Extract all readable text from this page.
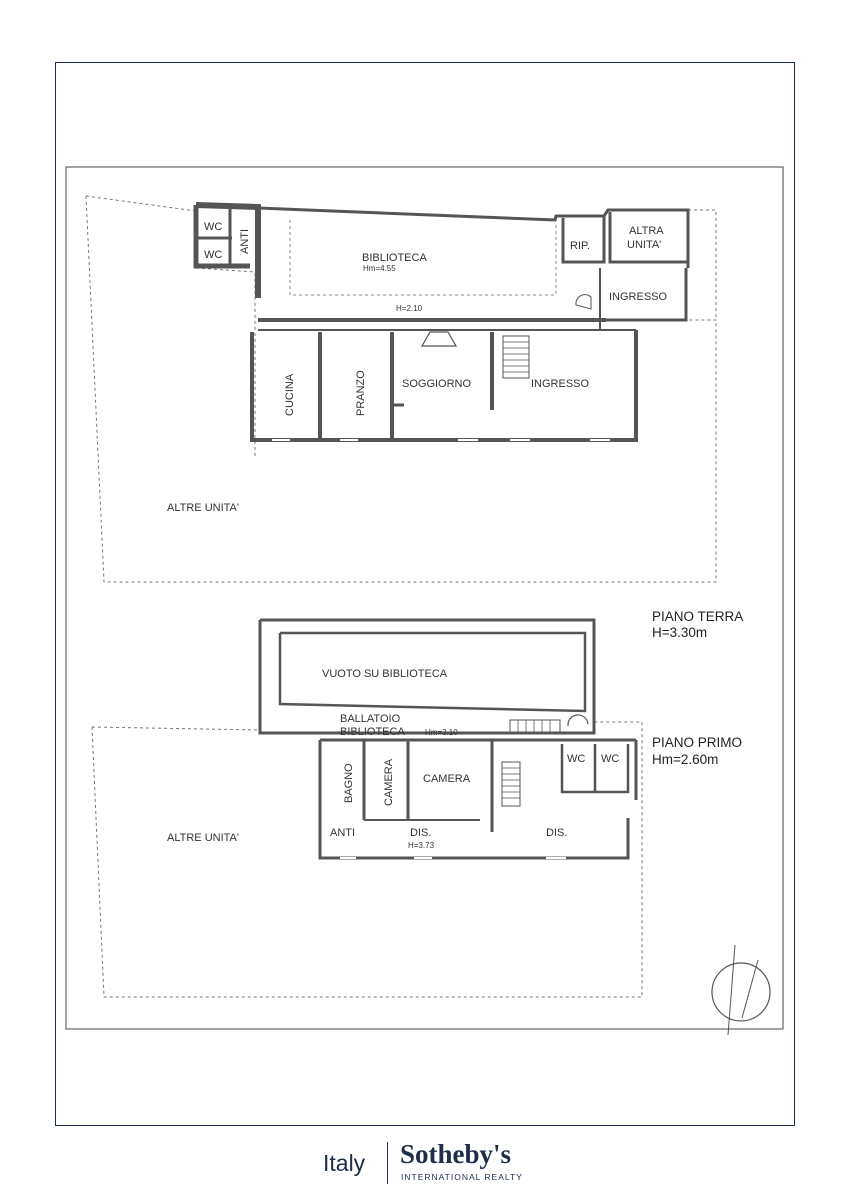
WC
WC
ANTI
BIBLIOTECA
Hm=4.55
H=2.10
RIP.
ALTRA
UNITA'
INGRESSO
CUCINA	PRANZO	SOGGIORNO	INGRESSO
ALTRE UNITA'
VUOTO SU BIBLIOTECA
BALLATOIO
BIBLIOTECA	Hm=3.10
BAGNO	CAMERA	CAMERA
ANTI	DIS.
H=3.73
DIS.
WC WC
ALTRE UNITA'
PIANO TERRA
H=3.30m
PIANO PRIMO
Hm=2.60m
Italy Sotheby's
INTERNATIONAL REALTY
